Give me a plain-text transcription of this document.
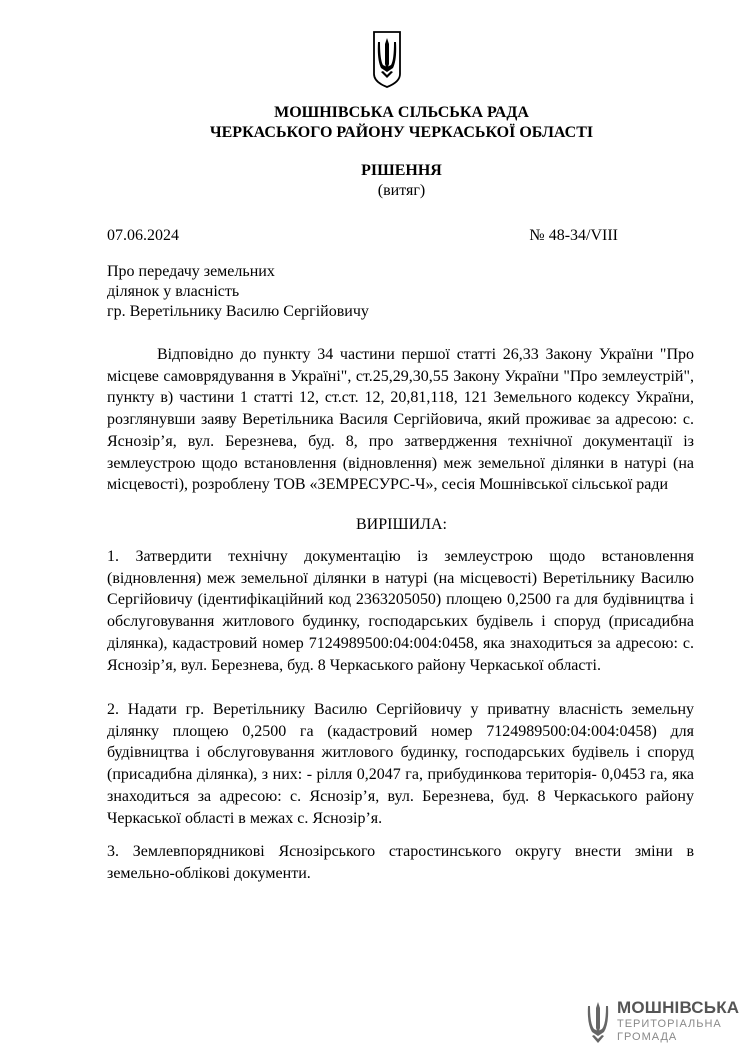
МОШНІВСЬКА СІЛЬСЬКА РАДА
ЧЕРКАСЬКОГО РАЙОНУ ЧЕРКАСЬКОЇ ОБЛАСТІ
РІШЕННЯ
(витяг)
07.06.2024	№ 48-34/VIII
Про передачу земельних
ділянок у власність
гр. Веретільнику Василю Сергійовичу

Відповідно до пункту 34 частини першої статті 26,33 Закону України "Про місцеве самоврядування в Україні", ст.25,29,30,55 Закону України "Про землеустрій", пункту в) частини 1 статті 12, ст.ст. 12, 20,81,118, 121 Земельного кодексу України, розглянувши заяву Веретільника Василя Сергійовича, який проживає за адресою: с. Яснозір’я, вул. Березнева, буд. 8, про затвердження технічної документації із землеустрою щодо встановлення (відновлення) меж земельної ділянки в натурі (на місцевості), розроблену ТОВ «ЗЕМРЕСУРС-Ч», сесія Мошнівської сільської ради

ВИРІШИЛА:

1. Затвердити технічну документацію із землеустрою щодо встановлення (відновлення) меж земельної ділянки в натурі (на місцевості) Веретільнику Василю Сергійовичу (ідентифікаційний код 2363205050) площею 0,2500 га для будівництва і обслуговування житлового будинку, господарських будівель і споруд (присадибна ділянка), кадастровий номер 7124989500:04:004:0458, яка знаходиться за адресою: с. Яснозір’я, вул. Березнева, буд. 8 Черкаського району Черкаської області.

2. Надати гр. Веретільнику Василю Сергійовичу у приватну власність земельну ділянку площею 0,2500 га (кадастровий номер 7124989500:04:004:0458) для будівництва і обслуговування житлового будинку, господарських будівель і споруд (присадибна ділянка), з них: - рілля 0,2047 га, прибудинкова територія- 0,0453 га, яка знаходиться за адресою: с. Яснозір’я, вул. Березнева, буд. 8 Черкаського району Черкаської області в межах с. Яснозір’я.

3. Землевпорядникові Яснозірського старостинського округу внести зміни в земельно-облікові документи.

МОШНІВСЬКА
ТЕРИТОРІАЛЬНА
ГРОМАДА
